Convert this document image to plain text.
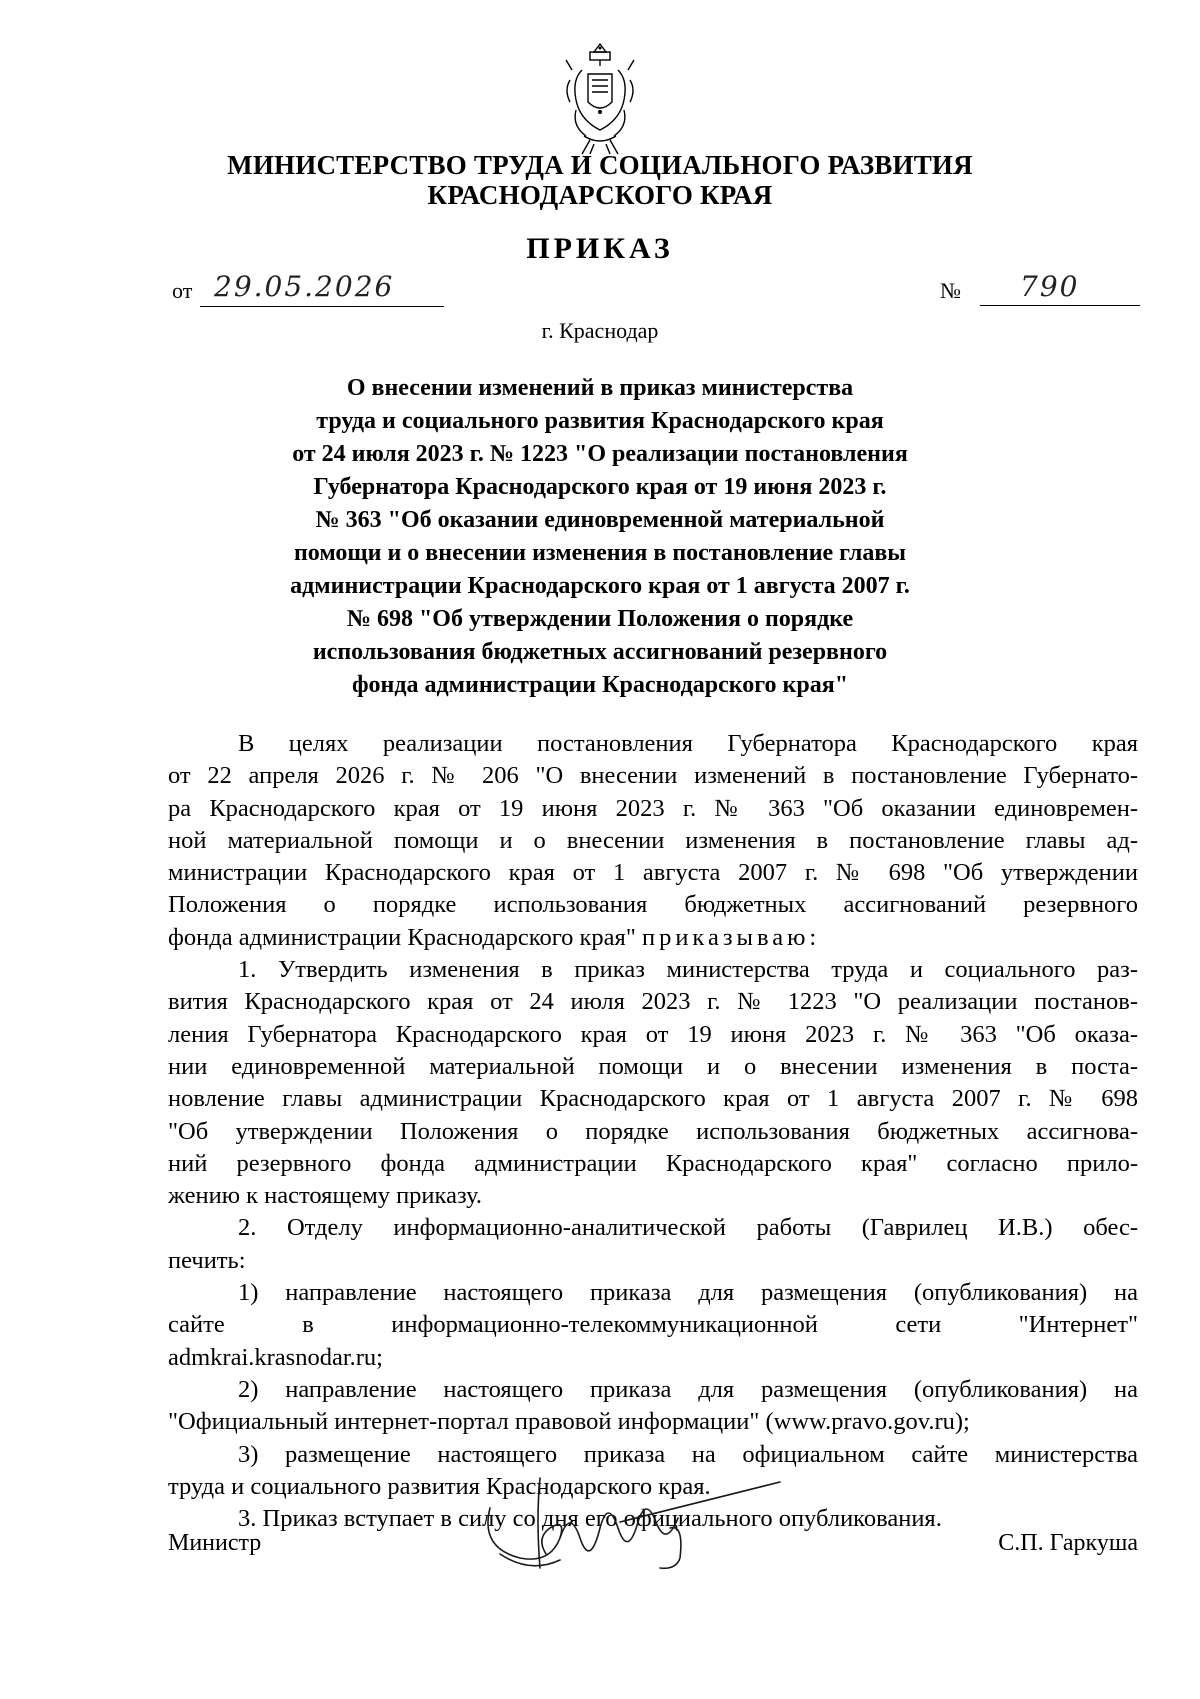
МИНИСТЕРСТВО ТРУДА И СОЦИАЛЬНОГО РАЗВИТИЯ
КРАСНОДАРСКОГО КРАЯ
ПРИКАЗ
от 29.05.2026	№	790
г. Краснодар
О внесении изменений в приказ министерства
труда и социального развития Краснодарского края
от 24 июля 2023 г. № 1223 "О реализации постановления
Губернатора Краснодарского края от 19 июня 2023 г.
№ 363 "Об оказании единовременной материальной
помощи и о внесении изменения в постановление главы
администрации Краснодарского края от 1 августа 2007 г.
№ 698 "Об утверждении Положения о порядке
использования бюджетных ассигнований резервного
фонда администрации Краснодарского края"
В целях реализации постановления Губернатора Краснодарского края
от 22 апреля 2026 г. № 206 "О внесении изменений в постановление Губернато-
ра Краснодарского края от 19 июня 2023 г. № 363 "Об оказании единовремен-
ной материальной помощи и о внесении изменения в постановление главы ад-
министрации Краснодарского края от 1 августа 2007 г. № 698 "Об утверждении
Положения о порядке использования бюджетных ассигнований резервного
фонда администрации Краснодарского края" приказываю:
1. Утвердить изменения в приказ министерства труда и социального раз-
вития Краснодарского края от 24 июля 2023 г. № 1223 "О реализации постанов-
ления Губернатора Краснодарского края от 19 июня 2023 г. № 363 "Об оказа-
нии единовременной материальной помощи и о внесении изменения в поста-
новление главы администрации Краснодарского края от 1 августа 2007 г. № 698
"Об утверждении Положения о порядке использования бюджетных ассигнова-
ний резервного фонда администрации Краснодарского края" согласно прило-
жению к настоящему приказу.
2. Отделу информационно-аналитической работы (Гаврилец И.В.) обес-
печить:
1) направление настоящего приказа для размещения (опубликования) на
сайте в информационно-телекоммуникационной сети "Интернет"
admkrai.krasnodar.ru;
2) направление настоящего приказа для размещения (опубликования) на
"Официальный интернет-портал правовой информации" (www.pravo.gov.ru);
3) размещение настоящего приказа на официальном сайте министерства
труда и социального развития Краснодарского края.
3. Приказ вступает в силу со дня его официального опубликования.
Министр	С.П. Гаркуша
